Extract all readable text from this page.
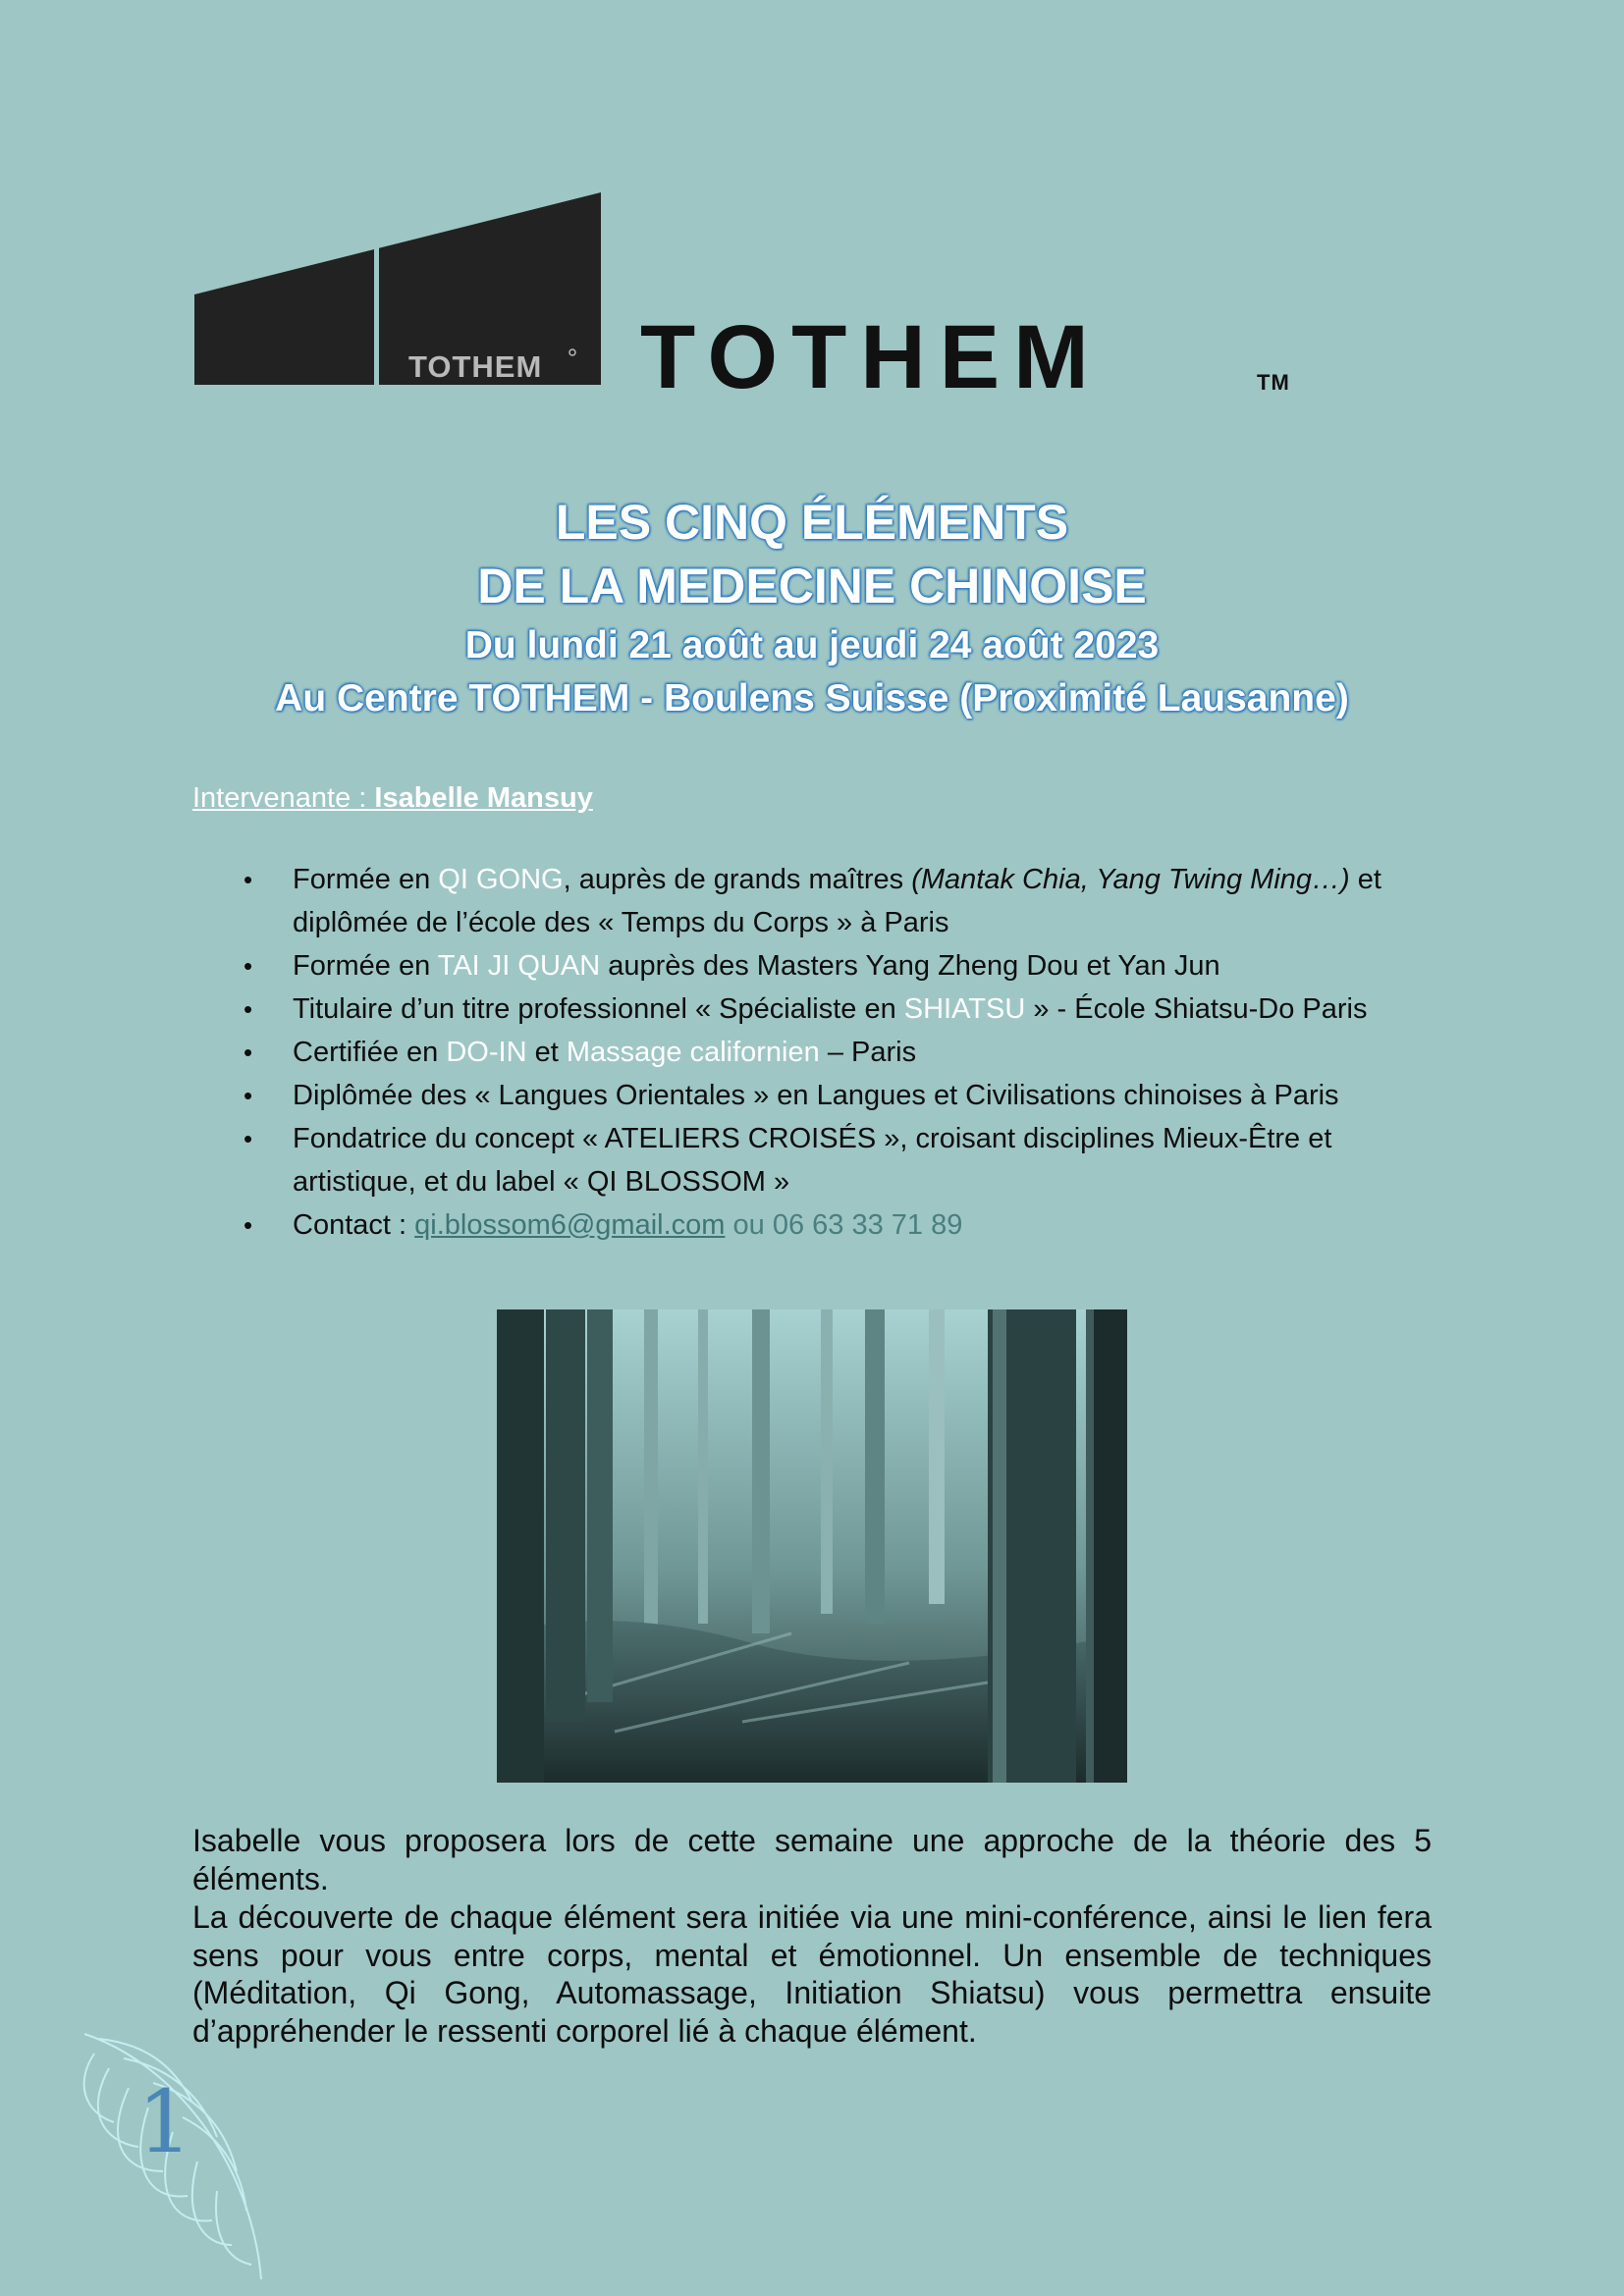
TOTHEM TOTHEM	TM
LES CINQ ÉLÉMENTS
DE LA MEDECINE CHINOISE
Du lundi 21 août au jeudi 24 août 2023
Au Centre TOTHEM - Boulens Suisse (Proximité Lausanne)
Intervenante : Isabelle Mansuy
• Formée en QI GONG, auprès de grands maîtres (Mantak Chia, Yang Twing Ming…) et diplômée de l’école des « Temps du Corps » à Paris
• Formée en TAI JI QUAN auprès des Masters Yang Zheng Dou et Yan Jun
• Titulaire d’un titre professionnel « Spécialiste en SHIATSU » - École Shiatsu-Do Paris
• Certifiée en DO-IN et Massage californien – Paris
• Diplômée des « Langues Orientales » en Langues et Civilisations chinoises à Paris
• Fondatrice du concept « ATELIERS CROISÉS », croisant disciplines Mieux-Être et artistique, et du label « QI BLOSSOM »
• Contact : qi.blossom6@gmail.com ou 06 63 33 71 89

Isabelle vous proposera lors de cette semaine une approche de la théorie des 5 éléments.

La découverte de chaque élément sera initiée via une mini-conférence, ainsi le lien fera sens pour vous entre corps, mental et émotionnel. Un ensemble de techniques (Méditation, Qi Gong, Automassage, Initiation Shiatsu) vous permettra ensuite d’appréhender le ressenti corporel lié à chaque élément.

1
